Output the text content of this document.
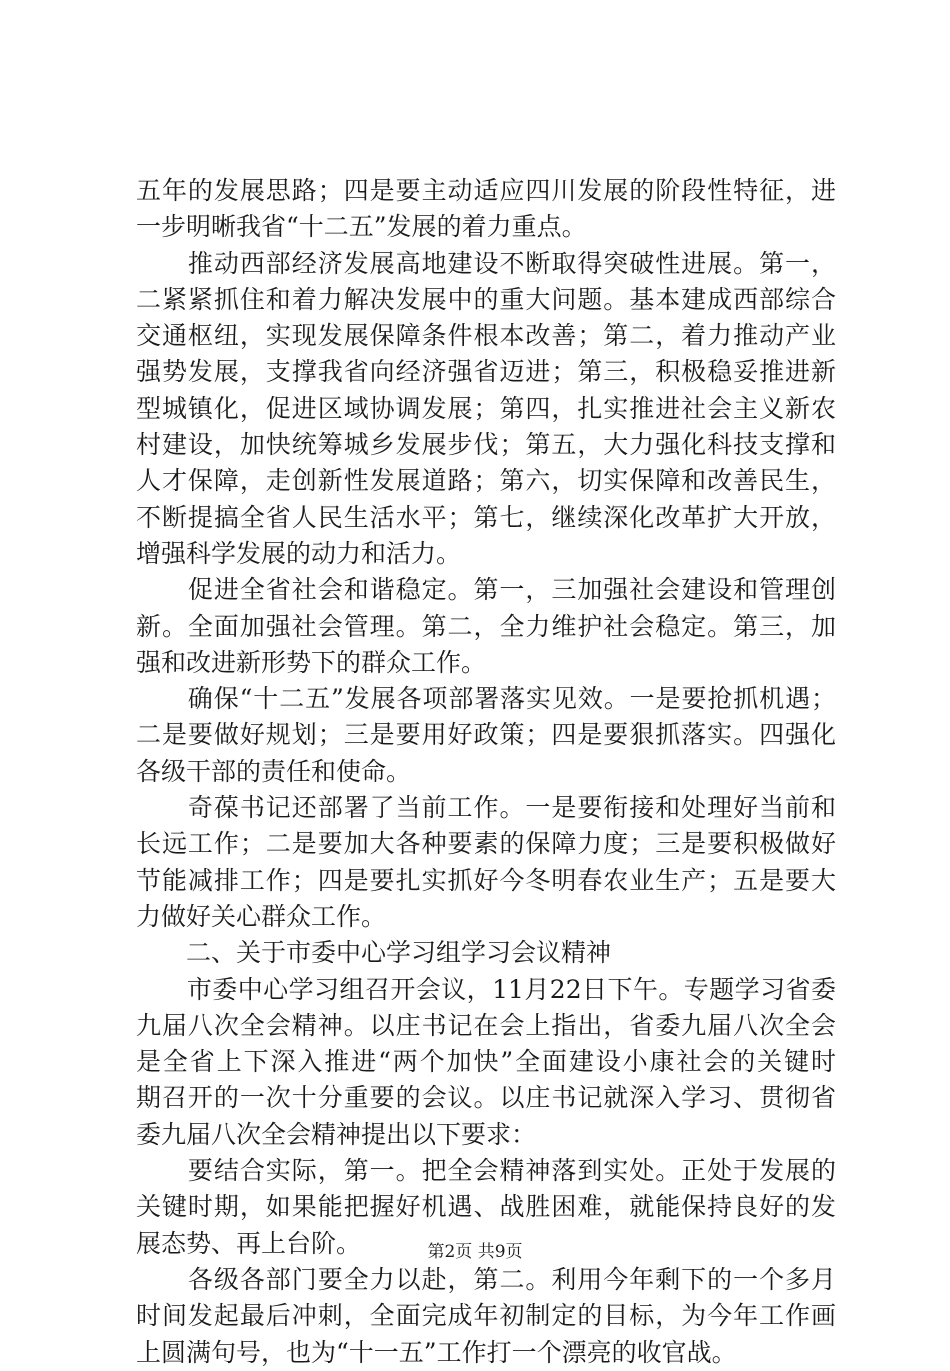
五年的发展思路；四是要主动适应四川发展的阶段性特征，进
一步明晰我省“十二五”发展的着力重点。
　　推动西部经济发展高地建设不断取得突破性进展。第一，
二紧紧抓住和着力解决发展中的重大问题。基本建成西部综合
交通枢纽，实现发展保障条件根本改善；第二，着力推动产业
强势发展，支撑我省向经济强省迈进；第三，积极稳妥推进新
型城镇化，促进区域协调发展；第四，扎实推进社会主义新农
村建设，加快统筹城乡发展步伐；第五，大力强化科技支撑和
人才保障，走创新性发展道路；第六，切实保障和改善民生，
不断提搞全省人民生活水平；第七，继续深化改革扩大开放，
增强科学发展的动力和活力。
　　促进全省社会和谐稳定。第一，三加强社会建设和管理创
新。全面加强社会管理。第二，全力维护社会稳定。第三，加
强和改进新形势下的群众工作。
　　确保“十二五”发展各项部署落实见效。一是要抢抓机遇；
二是要做好规划；三是要用好政策；四是要狠抓落实。四强化
各级干部的责任和使命。
　　奇葆书记还部署了当前工作。一是要衔接和处理好当前和
长远工作；二是要加大各种要素的保障力度；三是要积极做好
节能减排工作；四是要扎实抓好今冬明春农业生产；五是要大
力做好关心群众工作。
　　二、关于市委中心学习组学习会议精神
　　市委中心学习组召开会议，11月22日下午。专题学习省委
九届八次全会精神。以庄书记在会上指出，省委九届八次全会
是全省上下深入推进“两个加快”全面建设小康社会的关键时
期召开的一次十分重要的会议。以庄书记就深入学习、贯彻省
委九届八次全会精神提出以下要求：
　　要结合实际，第一。把全会精神落到实处。正处于发展的
关键时期，如果能把握好机遇、战胜困难，就能保持良好的发
展态势、再上台阶。
　　各级各部门要全力以赴，第二。利用今年剩下的一个多月
时间发起最后冲刺，全面完成年初制定的目标，为今年工作画
上圆满句号，也为“十一五”工作打一个漂亮的收官战。
第2页 共9页
